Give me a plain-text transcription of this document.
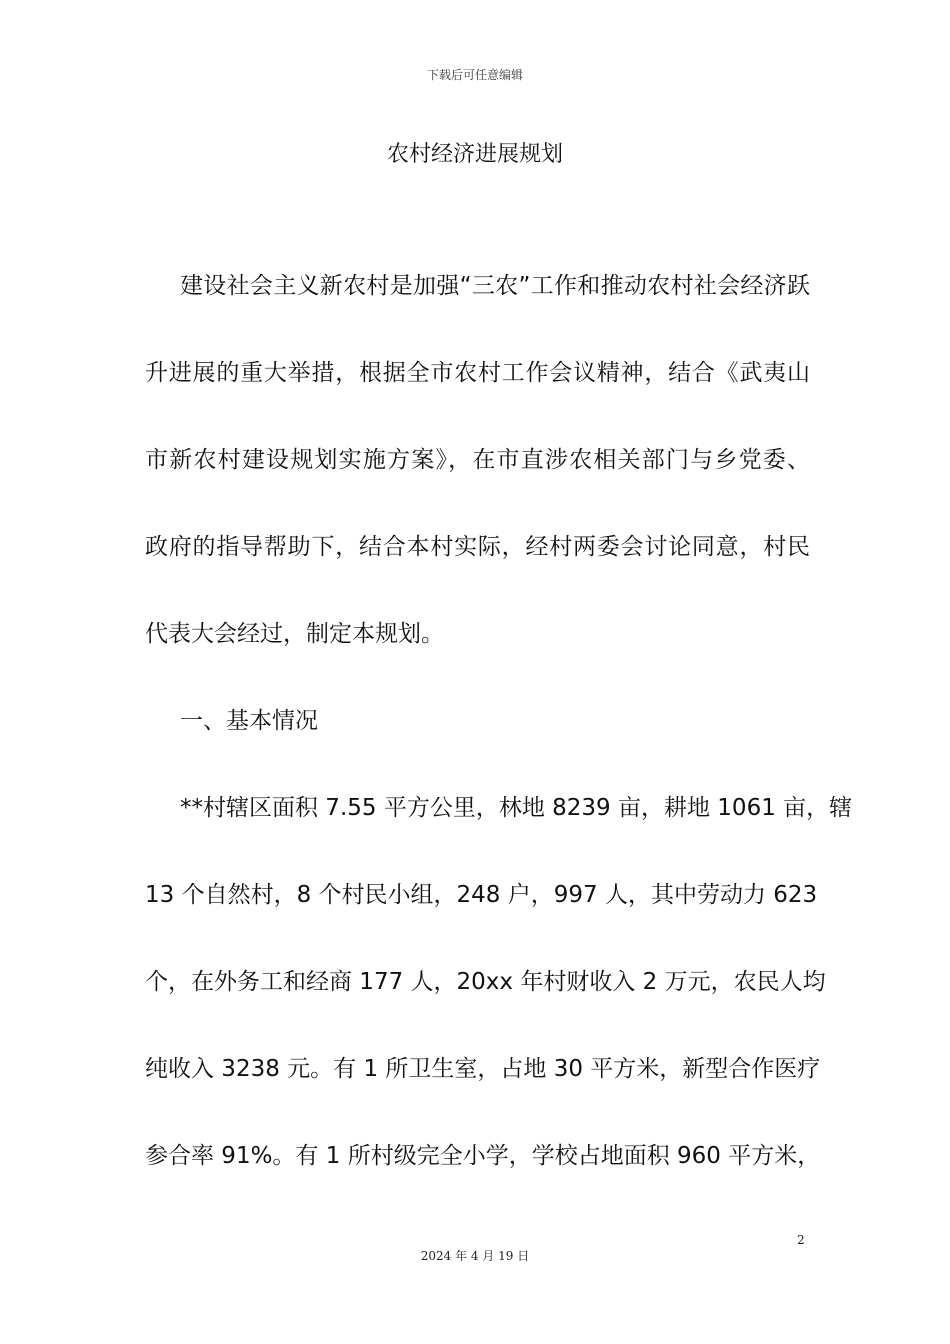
下载后可任意编辑
农村经济进展规划
建设社会主义新农村是加强“三农”工作和推动农村社会经济跃
升进展的重大举措，根据全市农村工作会议精神，结合《武夷山
市新农村建设规划实施方案》，在市直涉农相关部门与乡党委、
政府的指导帮助下，结合本村实际，经村两委会讨论同意，村民
代表大会经过，制定本规划。
一、基本情况
**村辖区面积 7.55 平方公里，林地 8239 亩，耕地 1061 亩，辖
13 个自然村，8 个村民小组，248 户，997 人，其中劳动力 623
个，在外务工和经商 177 人，20xx 年村财收入 2 万元，农民人均
纯收入 3238 元。有 1 所卫生室，占地 30 平方米，新型合作医疗
参合率 91%。有 1 所村级完全小学，学校占地面积 960 平方米，
2
2024 年 4 月 19 日
